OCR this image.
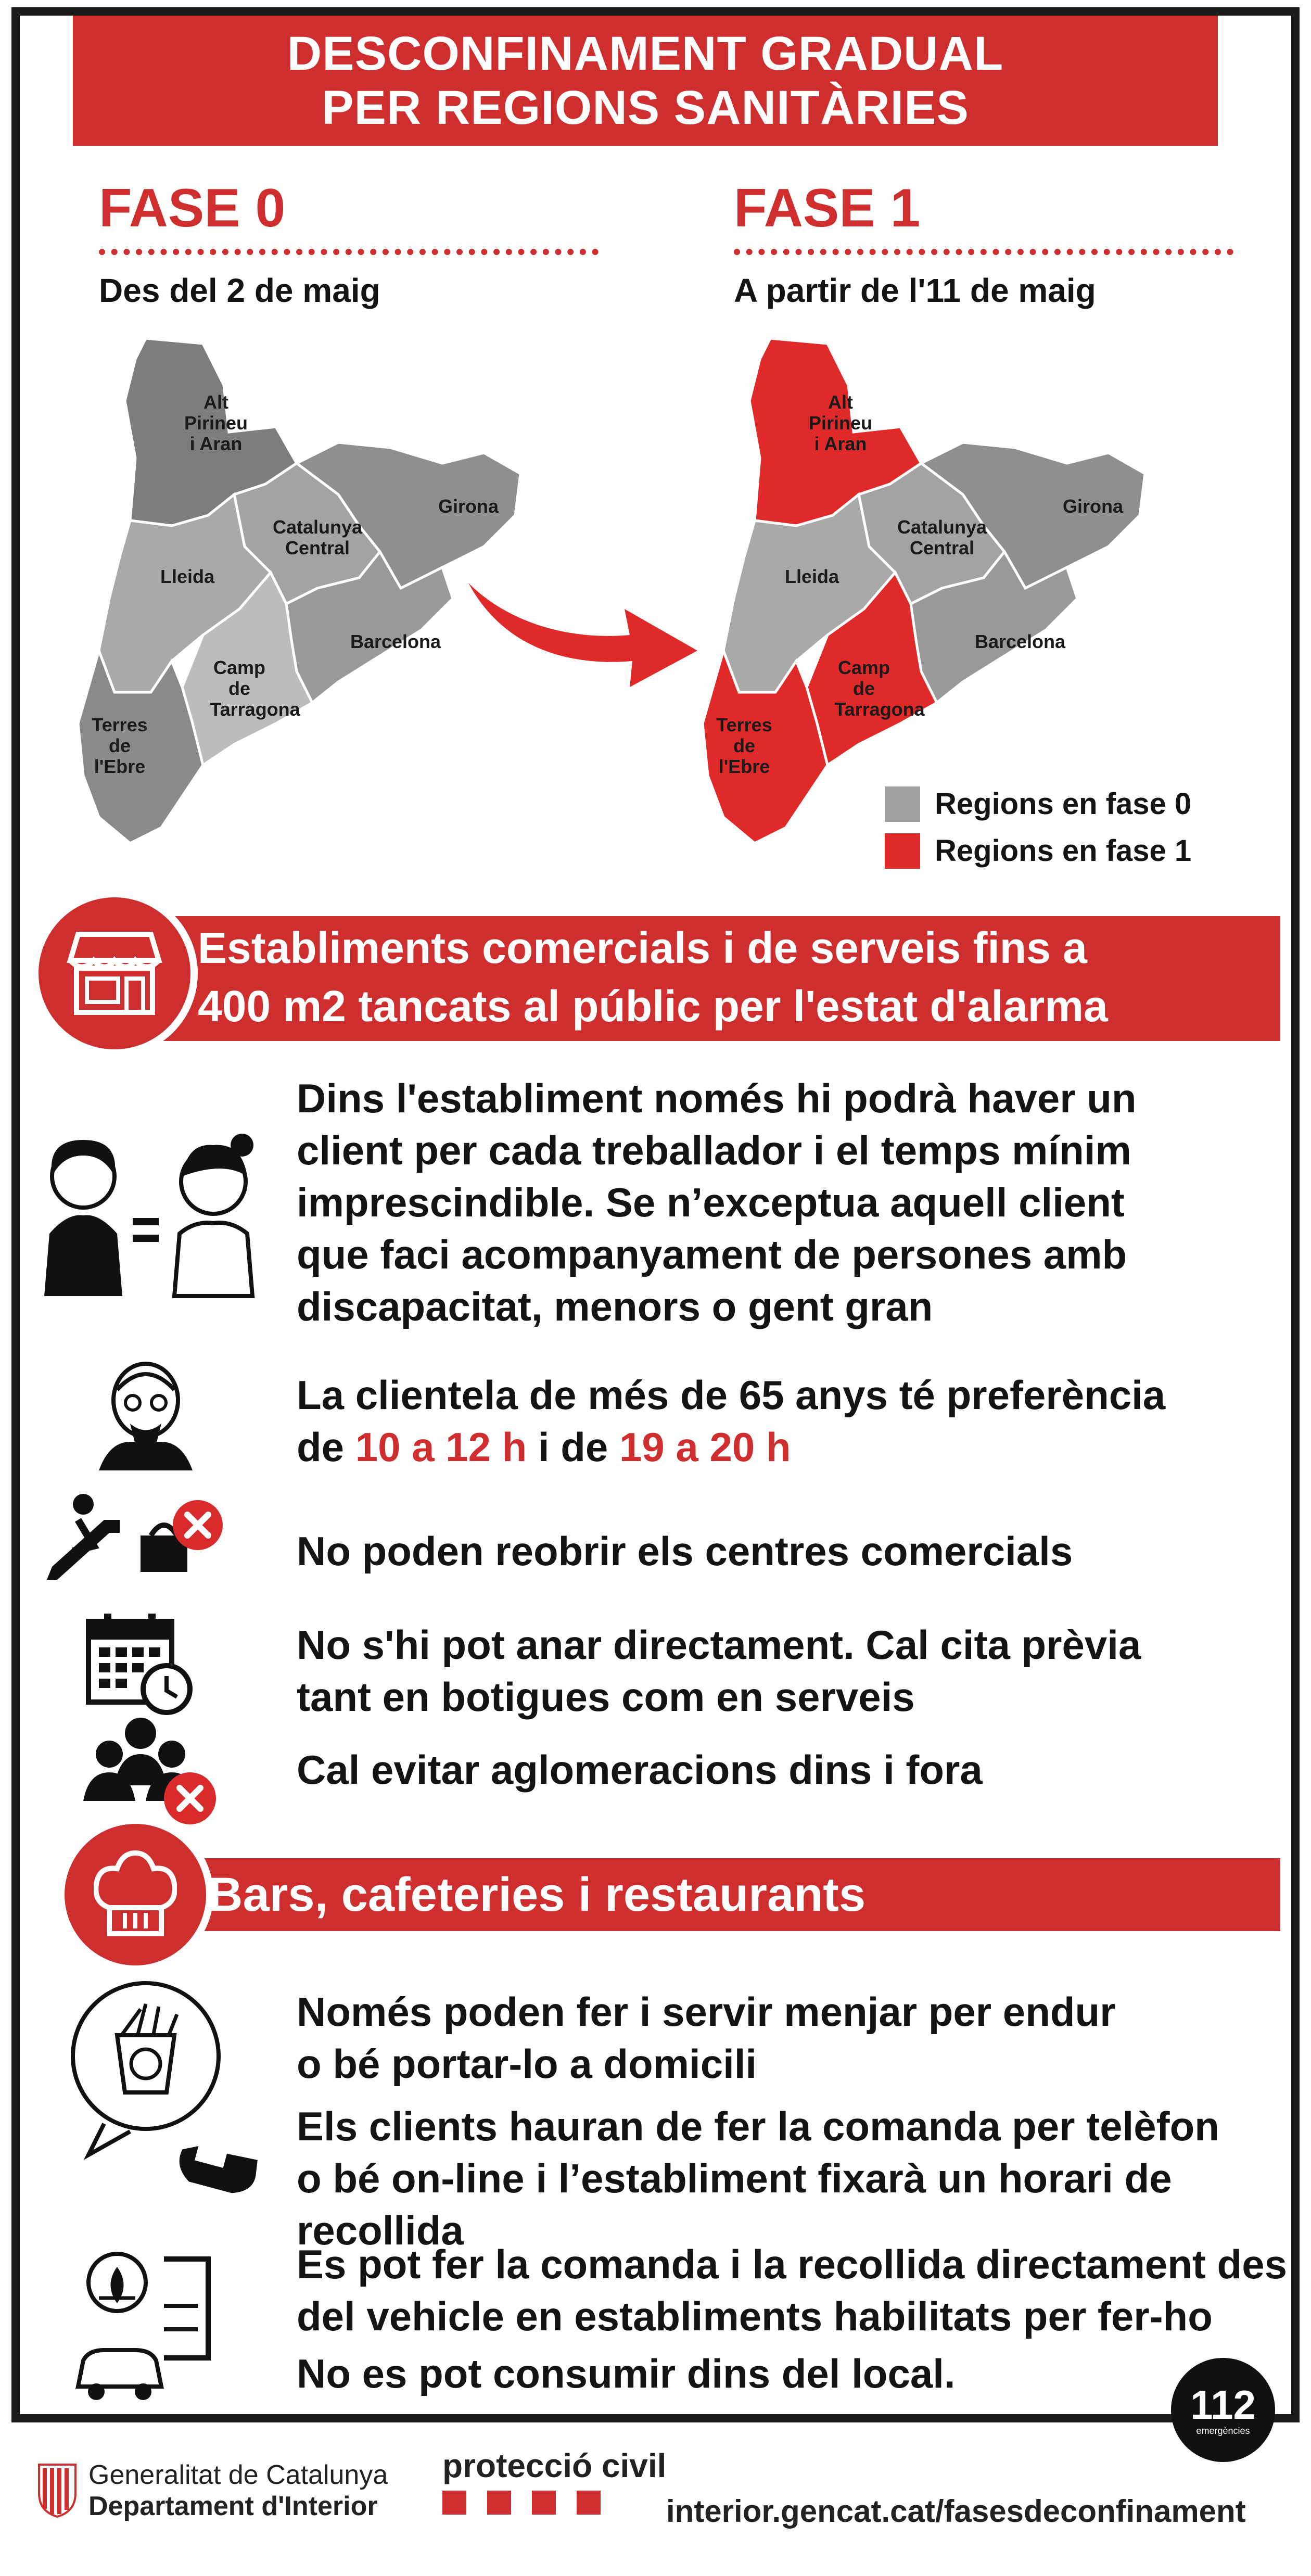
DESCONFINAMENT GRADUAL
PER REGIONS SANITÀRIES
FASE 0
Des del 2 de maig
FASE 1
A partir de l'11 de maig
Alt
Pirineu
i Aran
Catalunya
Central
Girona
Lleida
Barcelona
Camp
de
Tarragona
Terres
de
l'Ebre
Alt
Pirineu
i Aran
Catalunya
Central
Girona
Lleida
Barcelona
Camp
de
Tarragona
Terres
de
l'Ebre
Regions en fase 0
Regions en fase 1
Establiments comercials i de serveis fins a
400 m2 tancats al públic per l'estat d'alarma
Dins l'establiment només hi podrà haver un
client per cada treballador i el temps mínim
imprescindible. Se n’exceptua aquell client
que faci acompanyament de persones amb
discapacitat, menors o gent gran
La clientela de més de 65 anys té preferència
de 10 a 12 h i de 19 a 20 h
No poden reobrir els centres comercials
No s'hi pot anar directament. Cal cita prèvia
tant en botigues com en serveis
Cal evitar aglomeracions dins i fora
Bars, cafeteries i restaurants
Només poden fer i servir menjar per endur
o bé portar-lo a domicili
Els clients hauran de fer la comanda per telèfon
o bé on-line i l’establiment fixarà un horari de
recollida
Es pot fer la comanda i la recollida directament des
del vehicle en establiments habilitats per fer-ho
No es pot consumir dins del local.
112
emergències
Generalitat de Catalunya
Departament d'Interior
protecció civil
interior.gencat.cat/fasesdeconfinament
